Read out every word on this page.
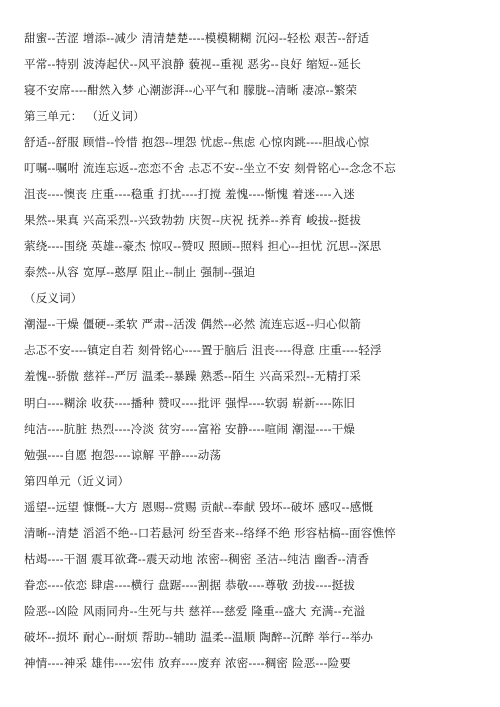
甜蜜--苦涩 增添--减少 清清楚楚----模模糊糊 沉闷--轻松 艰苦--舒适
平常--特别 波涛起伏--风平浪静 藐视--重视 恶劣--良好 缩短--延长
寝不安席----酣然入梦 心潮澎湃--心平气和 朦胧--清晰 凄凉--繁荣
第三单元： （近义词）
舒适--舒服 顾惜--怜惜 抱怨--埋怨 忧虑--焦虑 心惊肉跳----胆战心惊
叮嘱--嘱咐 流连忘返--恋恋不舍 忐忑不安--坐立不安 刻骨铭心--念念不忘
沮丧----懊丧 庄重----稳重 打扰----打搅 羞愧----惭愧 着迷----入迷
果然--果真 兴高采烈--兴致勃勃 庆贺--庆祝 抚养--养育 峻拔--挺拔
萦绕----围绕 英雄--豪杰 惊叹--赞叹 照顾--照料 担心--担忧 沉思--深思
泰然--从容 宽厚--憨厚 阻止--制止 强制--强迫
（反义词）
潮湿--干燥 僵硬--柔软 严肃--活泼 偶然--必然 流连忘返--归心似箭
忐忑不安----镇定自若 刻骨铭心----置于脑后 沮丧----得意 庄重----轻浮
羞愧--骄傲 慈祥--严厉 温柔--暴躁 熟悉--陌生 兴高采烈--无精打采
明白----糊涂 收获----播种 赞叹----批评 强悍----软弱 崭新----陈旧
纯洁----肮脏 热烈----冷淡 贫穷----富裕 安静----喧闹 潮湿----干燥
勉强----自愿 抱怨----谅解 平静----动荡
第四单元（近义词）
遥望--远望 慷慨--大方 恩赐--赏赐 贡献--奉献 毁坏--破坏 感叹--感慨
清晰--清楚 滔滔不绝--口若悬河 纷至沓来--络绎不绝 形容枯槁--面容憔悴
枯竭----干涸 震耳欲聋--震天动地 浓密--稠密 圣洁--纯洁 幽香--清香
眷恋----依恋 肆虐----横行 盘踞----割据 恭敬----尊敬 劲拔----挺拔
险恶--凶险 风雨同舟--生死与共 慈祥---慈爱 隆重--盛大 充满--充溢
破坏--损坏 耐心--耐烦 帮助--辅助 温柔--温顺 陶醉--沉醉 举行--举办
神情----神采 雄伟----宏伟 放弃----废弃 浓密----稠密 险恶---险要
